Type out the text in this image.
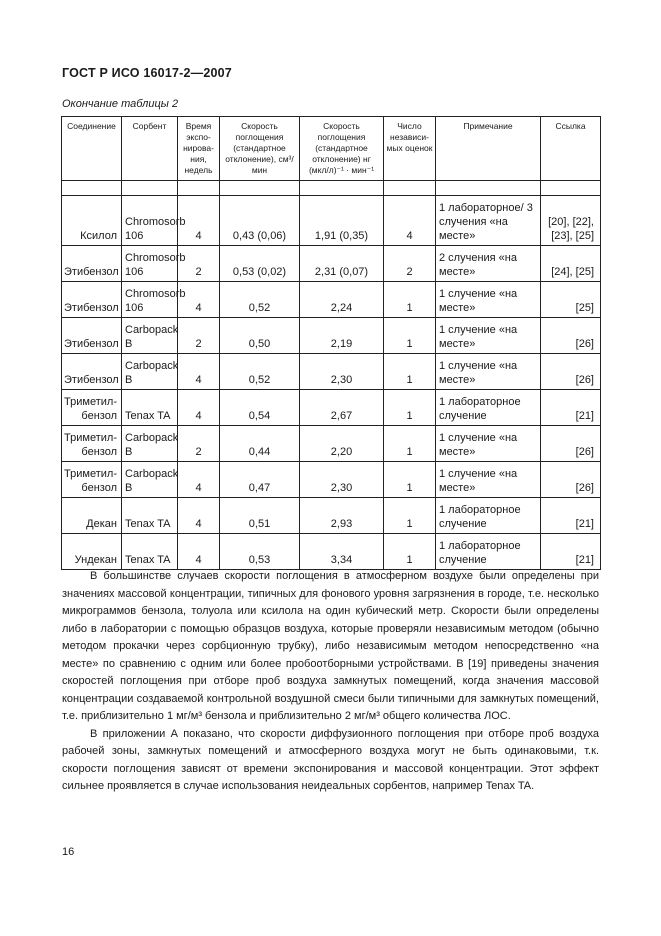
ГОСТ Р ИСО 16017-2—2007
Окончание таблицы 2
Соединение	Сорбент	Время экспо-нирова-ния, недель	Скорость поглощения (стандартное отклонение), см³/мин	Скорость поглощения (стандартное отклонение) нг (мкл/л)⁻¹ · мин⁻¹	Число независи-мых оценок	Примечание	Ссылка

Ксилол	Chromosorb 106	4	0,43 (0,06)	1,91 (0,35)	4	1 лабораторное/ 3 случения «на месте»	[20], [22], [23], [25]
Этибензол	Chromosorb 106	2	0,53 (0,02)	2,31 (0,07)	2	2 случения «на месте»	[24], [25]
Этибензол	Chromosorb 106	4	0,52	2,24	1	1 случение «на месте»	[25]
Этибензол	Carbopack B	2	0,50	2,19	1	1 случение «на месте»	[26]
Этибензол	Carbopack B	4	0,52	2,30	1	1 случение «на месте»	[26]
Триметил-бензол	Tenax TA	4	0,54	2,67	1	1 лабораторное случение	[21]
Триметил-бензол	Carbopack B	2	0,44	2,20	1	1 случение «на месте»	[26]
Триметил-бензол	Carbopack B	4	0,47	2,30	1	1 случение «на месте»	[26]
Декан	Tenax TA	4	0,51	2,93	1	1 лабораторное случение	[21]
Ундекан	Tenax TA	4	0,53	3,34	1	1 лабораторное случение	[21]

В большинстве случаев скорости поглощения в атмосферном воздухе были определены при значениях массовой концентрации, типичных для фонового уровня загрязнения в городе, т.е. несколько микрограммов бензола, толуола или ксилола на один кубический метр. Скорости были определены либо в лаборатории с помощью образцов воздуха, которые проверяли независимым методом (обычно методом прокачки через сорбционную трубку), либо независимым методом непосредственно «на месте» по сравнению с одним или более пробоотборными устройствами. В [19] приведены значения скоростей поглощения при отборе проб воздуха замкнутых помещений, когда значения массовой концентрации создаваемой контрольной воздушной смеси были типичными для замкнутых помещений, т.е. приблизительно 1 мг/м³ бензола и приблизительно 2 мг/м³ общего количества ЛОС.

В приложении А показано, что скорости диффузионного поглощения при отборе проб воздуха рабочей зоны, замкнутых помещений и атмосферного воздуха могут не быть одинаковыми, т.к. скорости поглощения зависят от времени экспонирования и массовой концентрации. Этот эффект сильнее проявляется в случае использования неидеальных сорбентов, например Tenax TA.

16
